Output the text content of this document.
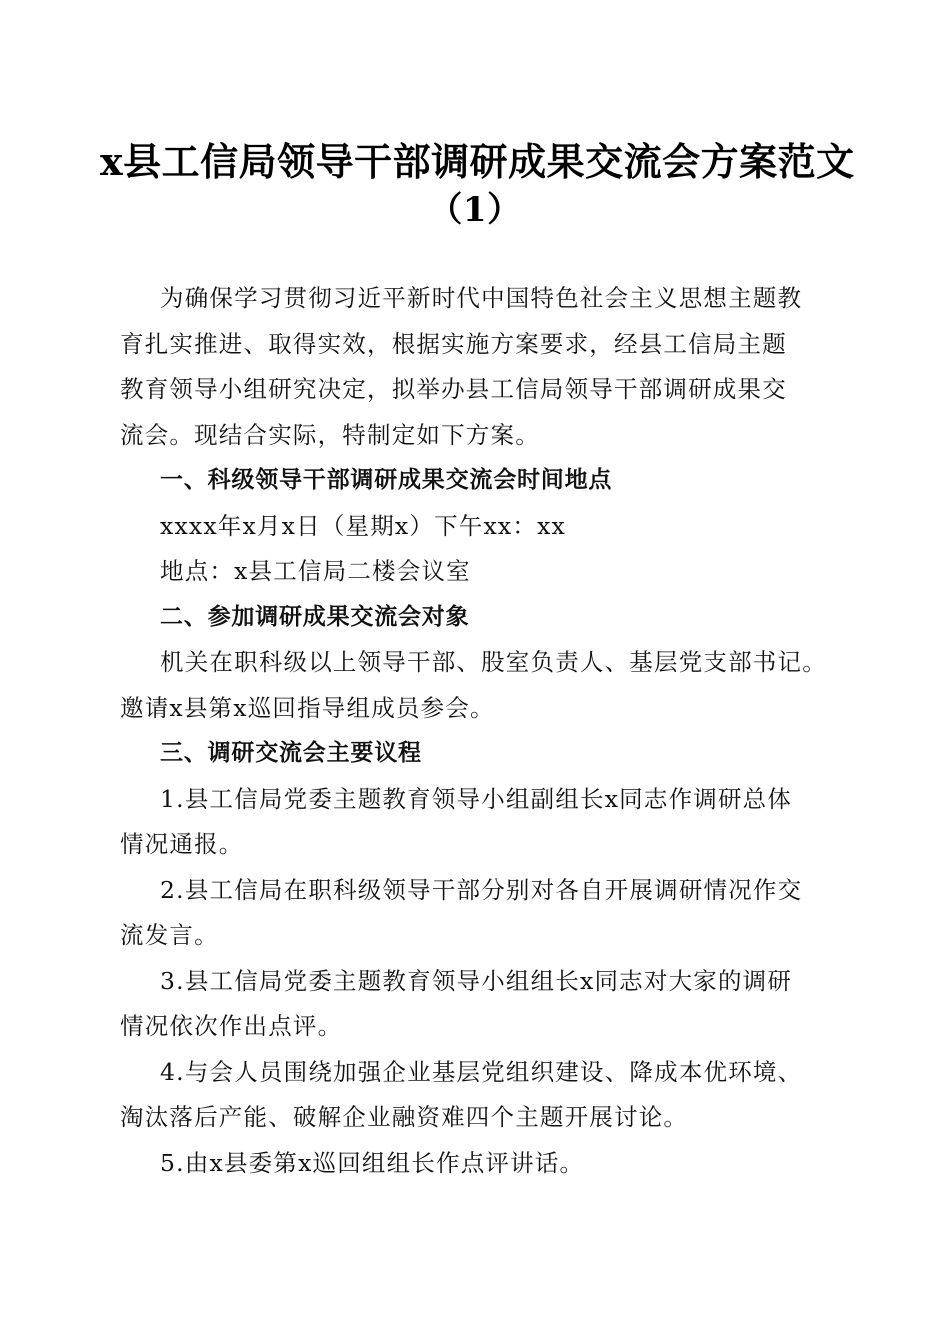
x县工信局领导干部调研成果交流会方案范文
（1）
为确保学习贯彻习近平新时代中国特色社会主义思想主题教
育扎实推进、取得实效，根据实施方案要求，经县工信局主题
教育领导小组研究决定，拟举办县工信局领导干部调研成果交
流会。现结合实际，特制定如下方案。
一、科级领导干部调研成果交流会时间地点
xxxx年x月x日（星期x）下午xx：xx
地点：x县工信局二楼会议室
二、参加调研成果交流会对象
机关在职科级以上领导干部、股室负责人、基层党支部书记。
邀请x县第x巡回指导组成员参会。
三、调研交流会主要议程
1.县工信局党委主题教育领导小组副组长x同志作调研总体
情况通报。
2.县工信局在职科级领导干部分别对各自开展调研情况作交
流发言。
3.县工信局党委主题教育领导小组组长x同志对大家的调研
情况依次作出点评。
4.与会人员围绕加强企业基层党组织建设、降成本优环境、
淘汰落后产能、破解企业融资难四个主题开展讨论。
5.由x县委第x巡回组组长作点评讲话。
